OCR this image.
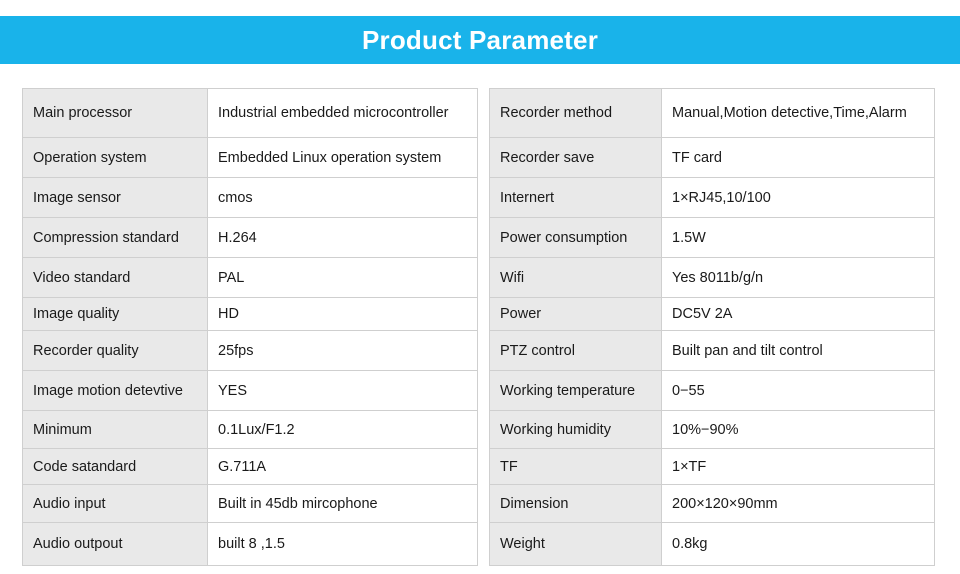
Product Parameter
Main processor	Industrial embedded microcontroller
Operation system	Embedded Linux operation system
Image sensor	cmos
Compression standard	H.264
Video standard	PAL
Image quality	HD
Recorder quality	25fps
Image motion detevtive	YES
Minimum	0.1Lux/F1.2
Code satandard	G.711A
Audio input	Built in 45db mircophone
Audio outpout	built 8 ,1.5
Recorder method	Manual,Motion detective,Time,Alarm
Recorder save	TF card
Internert	1×RJ45,10/100
Power consumption	1.5W
Wifi	Yes 8011b/g/n
Power	DC5V 2A
PTZ control	Built pan and tilt control
Working temperature	0−55
Working humidity	10%−90%
TF	1×TF
Dimension	200×120×90mm
Weight	0.8kg
